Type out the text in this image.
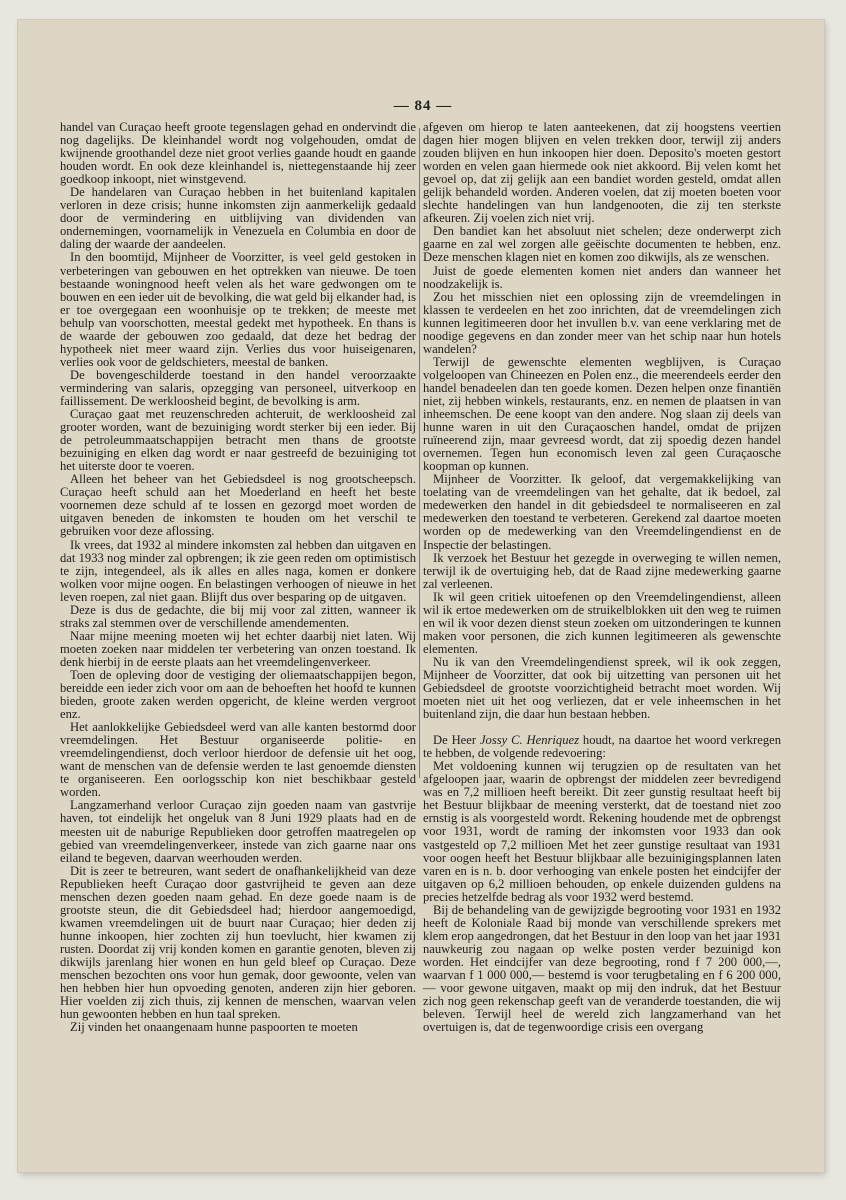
— 84 —

handel van Curaçao heeft groote tegenslagen gehad en ondervindt die nog dagelijks. De kleinhandel wordt nog volgehouden, omdat de kwijnende groothandel deze niet groot verlies gaande houdt en gaande houden wordt. En ook deze kleinhandel is, niettegenstaande hij zeer goedkoop inkoopt, niet winstgevend.

De handelaren van Curaçao hebben in het buitenland kapitalen verloren in deze crisis; hunne inkomsten zijn aanmerkelijk gedaald door de vermindering en uitblijving van dividenden van ondernemingen, voornamelijk in Venezuela en Columbia en door de daling der waarde der aandeelen.

In den boomtijd, Mijnheer de Voorzitter, is veel geld gestoken in verbeteringen van gebouwen en het optrekken van nieuwe. De toen bestaande woningnood heeft velen als het ware gedwongen om te bouwen en een ieder uit de bevolking, die wat geld bij elkander had, is er toe overgegaan een woonhuisje op te trekken; de meeste met behulp van voorschotten, meestal gedekt met hypotheek. En thans is de waarde der gebouwen zoo gedaald, dat deze het bedrag der hypotheek niet meer waard zijn. Verlies dus voor huiseigenaren, verlies ook voor de geldschieters, meestal de banken.

De bovengeschilderde toestand in den handel veroorzaakte vermindering van salaris, opzegging van personeel, uitverkoop en faillissement. De werkloosheid begint, de bevolking is arm.

Curaçao gaat met reuzenschreden achteruit, de werkloosheid zal grooter worden, want de bezuiniging wordt sterker bij een ieder. Bij de petroleummaatschappijen betracht men thans de grootste bezuiniging en elken dag wordt er naar gestreefd de bezuiniging tot het uiterste door te voeren.

Alleen het beheer van het Gebiedsdeel is nog grootscheepsch. Curaçao heeft schuld aan het Moederland en heeft het beste voornemen deze schuld af te lossen en gezorgd moet worden de uitgaven beneden de inkomsten te houden om het verschil te gebruiken voor deze aflossing.

Ik vrees, dat 1932 al mindere inkomsten zal hebben dan uitgaven en dat 1933 nog minder zal opbrengen; ik zie geen reden om optimistisch te zijn, integendeel, als ik alles en alles naga, komen er donkere wolken voor mijne oogen. En belastingen verhoogen of nieuwe in het leven roepen, zal niet gaan. Blijft dus over besparing op de uitgaven.

Deze is dus de gedachte, die bij mij voor zal zitten, wanneer ik straks zal stemmen over de verschillende amendementen.

Naar mijne meening moeten wij het echter daarbij niet laten. Wij moeten zoeken naar middelen ter verbetering van onzen toestand. Ik denk hierbij in de eerste plaats aan het vreemdelingenverkeer.

Toen de opleving door de vestiging der oliemaatschappijen begon, bereidde een ieder zich voor om aan de behoeften het hoofd te kunnen bieden, groote zaken werden opgericht, de kleine werden vergroot enz.

Het aanlokkelijke Gebiedsdeel werd van alle kanten bestormd door vreemdelingen. Het Bestuur organiseerde politie- en vreemdelingendienst, doch verloor hierdoor de defensie uit het oog, want de menschen van de defensie werden te last genoemde diensten te organiseeren. Een oorlogsschip kon niet beschikbaar gesteld worden.

Langzamerhand verloor Curaçao zijn goeden naam van gastvrije haven, tot eindelijk het ongeluk van 8 Juni 1929 plaats had en de meesten uit de naburige Republieken door getroffen maatregelen op gebied van vreemdelingenverkeer, instede van zich gaarne naar ons eiland te begeven, daarvan weerhouden werden.

Dit is zeer te betreuren, want sedert de onafhankelijkheid van deze Republieken heeft Curaçao door gastvrijheid te geven aan deze menschen dezen goeden naam gehad. En deze goede naam is de grootste steun, die dit Gebiedsdeel had; hierdoor aangemoedigd, kwamen vreemdelingen uit de buurt naar Curaçao; hier deden zij hunne inkoopen, hier zochten zij hun toevlucht, hier kwamen zij rusten. Doordat zij vrij konden komen en garantie genoten, bleven zij dikwijls jarenlang hier wonen en hun geld bleef op Curaçao. Deze menschen bezochten ons voor hun gemak, door gewoonte, velen van hen hebben hier hun opvoeding genoten, anderen zijn hier geboren. Hier voelden zij zich thuis, zij kennen de menschen, waarvan velen hun gewoonten hebben en hun taal spreken.

Zij vinden het onaangenaam hunne paspoorten te moeten

afgeven om hierop te laten aanteekenen, dat zij hoogstens veertien dagen hier mogen blijven en velen trekken door, terwijl zij anders zouden blijven en hun inkoopen hier doen. Deposito's moeten gestort worden en velen gaan hiermede ook niet akkoord. Bij velen komt het gevoel op, dat zij gelijk aan een bandiet worden gesteld, omdat allen gelijk behandeld worden. Anderen voelen, dat zij moeten boeten voor slechte handelingen van hun landgenooten, die zij ten sterkste afkeuren. Zij voelen zich niet vrij.

Den bandiet kan het absoluut niet schelen; deze onderwerpt zich gaarne en zal wel zorgen alle geëischte documenten te hebben, enz. Deze menschen klagen niet en komen zoo dikwijls, als ze wenschen.

Juist de goede elementen komen niet anders dan wanneer het noodzakelijk is.

Zou het misschien niet een oplossing zijn de vreemdelingen in klassen te verdeelen en het zoo inrichten, dat de vreemdelingen zich kunnen legitimeeren door het invullen b.v. van eene verklaring met de noodige gegevens en dan zonder meer van het schip naar hun hotels wandelen?

Terwijl de gewenschte elementen wegblijven, is Curaçao volgeloopen van Chineezen en Polen enz., die meerendeels eerder den handel benadeelen dan ten goede komen. Dezen helpen onze finantiën niet, zij hebben winkels, restaurants, enz. en nemen de plaatsen in van inheemschen. De eene koopt van den andere. Nog slaan zij deels van hunne waren in uit den Curaçaoschen handel, omdat de prijzen ruïneerend zijn, maar gevreesd wordt, dat zij spoedig dezen handel overnemen. Tegen hun economisch leven zal geen Curaçaosche koopman op kunnen.

Mijnheer de Voorzitter. Ik geloof, dat vergemakkelijking van toelating van de vreemdelingen van het gehalte, dat ik bedoel, zal medewerken den handel in dit gebiedsdeel te normaliseeren en zal medewerken den toestand te verbeteren. Gerekend zal daartoe moeten worden op de medewerking van den Vreemdelingendienst en de Inspectie der belastingen.

Ik verzoek het Bestuur het gezegde in overweging te willen nemen, terwijl ik de overtuiging heb, dat de Raad zijne medewerking gaarne zal verleenen.

Ik wil geen critiek uitoefenen op den Vreemdelingendienst, alleen wil ik ertoe medewerken om de struikelblokken uit den weg te ruimen en wil ik voor dezen dienst steun zoeken om uitzonderingen te kunnen maken voor personen, die zich kunnen legitimeeren als gewenschte elementen.

Nu ik van den Vreemdelingendienst spreek, wil ik ook zeggen, Mijnheer de Voorzitter, dat ook bij uitzetting van personen uit het Gebiedsdeel de grootste voorzichtigheid betracht moet worden. Wij moeten niet uit het oog verliezen, dat er vele inheemschen in het buitenland zijn, die daar hun bestaan hebben.

De Heer Jossy C. Henriquez houdt, na daartoe het woord verkregen te hebben, de volgende redevoering:

Met voldoening kunnen wij terugzien op de resultaten van het afgeloopen jaar, waarin de opbrengst der middelen zeer bevredigend was en 7,2 millioen heeft bereikt. Dit zeer gunstig resultaat heeft bij het Bestuur blijkbaar de meening versterkt, dat de toestand niet zoo ernstig is als voorgesteld wordt. Rekening houdende met de opbrengst voor 1931, wordt de raming der inkomsten voor 1933 dan ook vastgesteld op 7,2 millioen Met het zeer gunstige resultaat van 1931 voor oogen heeft het Bestuur blijkbaar alle bezuinigingsplannen laten varen en is n. b. door verhooging van enkele posten het eindcijfer der uitgaven op 6,2 millioen behouden, op enkele duizenden guldens na precies hetzelfde bedrag als voor 1932 werd bestemd.

Bij de behandeling van de gewijzigde begrooting voor 1931 en 1932 heeft de Koloniale Raad bij monde van verschillende sprekers met klem erop aangedrongen, dat het Bestuur in den loop van het jaar 1931 nauwkeurig zou nagaan op welke posten verder bezuinigd kon worden. Het eindcijfer van deze begrooting, rond f 7 200 000,—, waarvan f 1 000 000,— bestemd is voor terugbetaling en f 6 200 000,— voor gewone uitgaven, maakt op mij den indruk, dat het Bestuur zich nog geen rekenschap geeft van de veranderde toestanden, die wij beleven. Terwijl heel de wereld zich langzamerhand van het overtuigen is, dat de tegenwoordige crisis een overgang
